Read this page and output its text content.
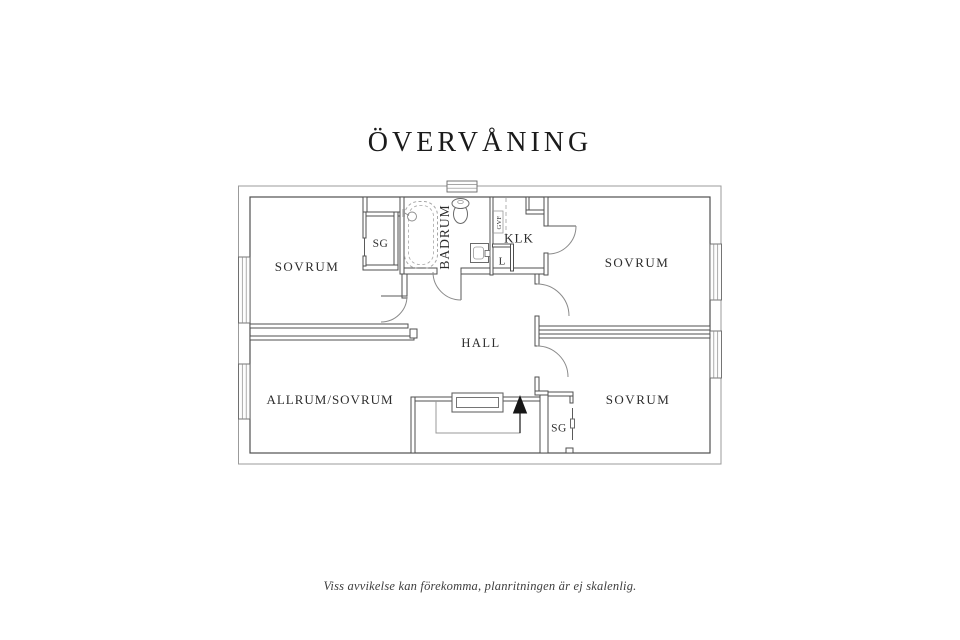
ÖVERVÅNING
SOVRUM
SG	BADRUM	GVF
KLK
L	SOVRUM
HALL
ALLRUM/SOVRUM	SOVRUM
SG
Viss avvikelse kan förekomma, planritningen är ej skalenlig.
